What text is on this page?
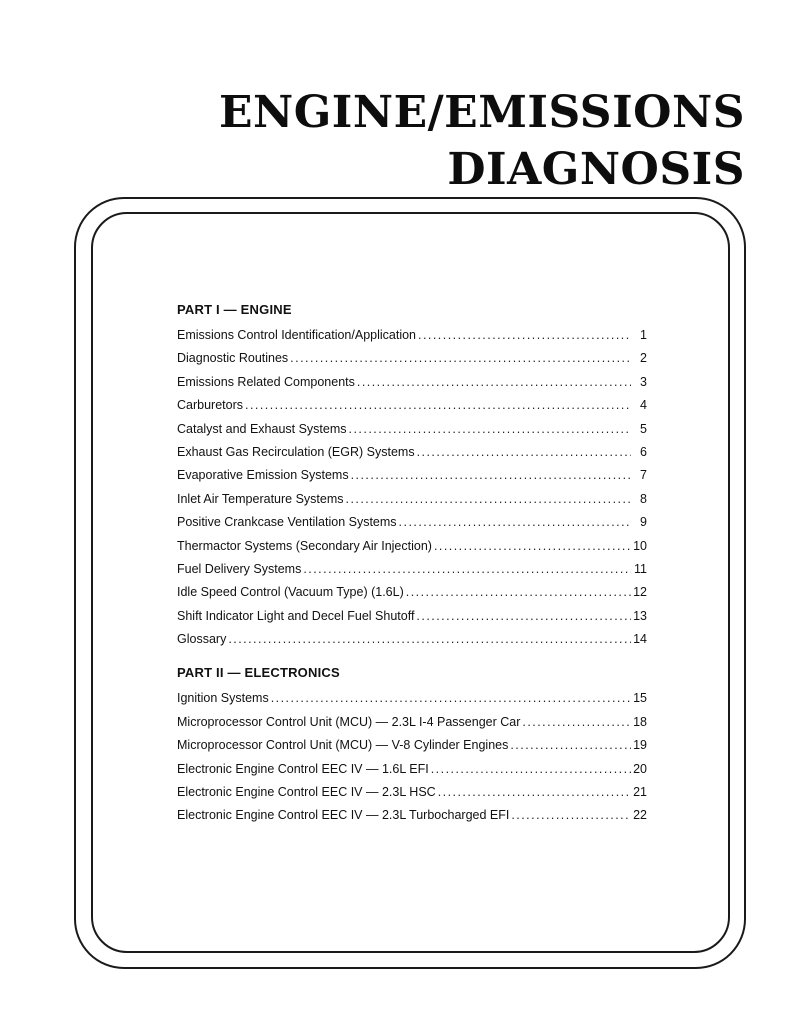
ENGINE/EMISSIONS
DIAGNOSIS
PART I — ENGINE
Emissions Control Identification/Application . . .	1
Diagnostic Routines . . .	2
Emissions Related Components . . .	3
Carburetors . . .	4
Catalyst and Exhaust Systems . . .	5
Exhaust Gas Recirculation (EGR) Systems . . .	6
Evaporative Emission Systems . . .	7
Inlet Air Temperature Systems . . .	8
Positive Crankcase Ventilation Systems . . .	9
Thermactor Systems (Secondary Air Injection) . . .	10
Fuel Delivery Systems . . .	11
Idle Speed Control (Vacuum Type) (1.6L) . . .	12
Shift Indicator Light and Decel Fuel Shutoff . . .	13
Glossary . . .	14
PART II — ELECTRONICS
Ignition Systems . . .	15
Microprocessor Control Unit (MCU) — 2.3L I-4 Passenger Car . . .	18
Microprocessor Control Unit (MCU) — V-8 Cylinder Engines . . .	19
Electronic Engine Control EEC IV — 1.6L EFI . . .	20
Electronic Engine Control EEC IV — 2.3L HSC . . .	21
Electronic Engine Control EEC IV — 2.3L Turbocharged EFI . . .	22
